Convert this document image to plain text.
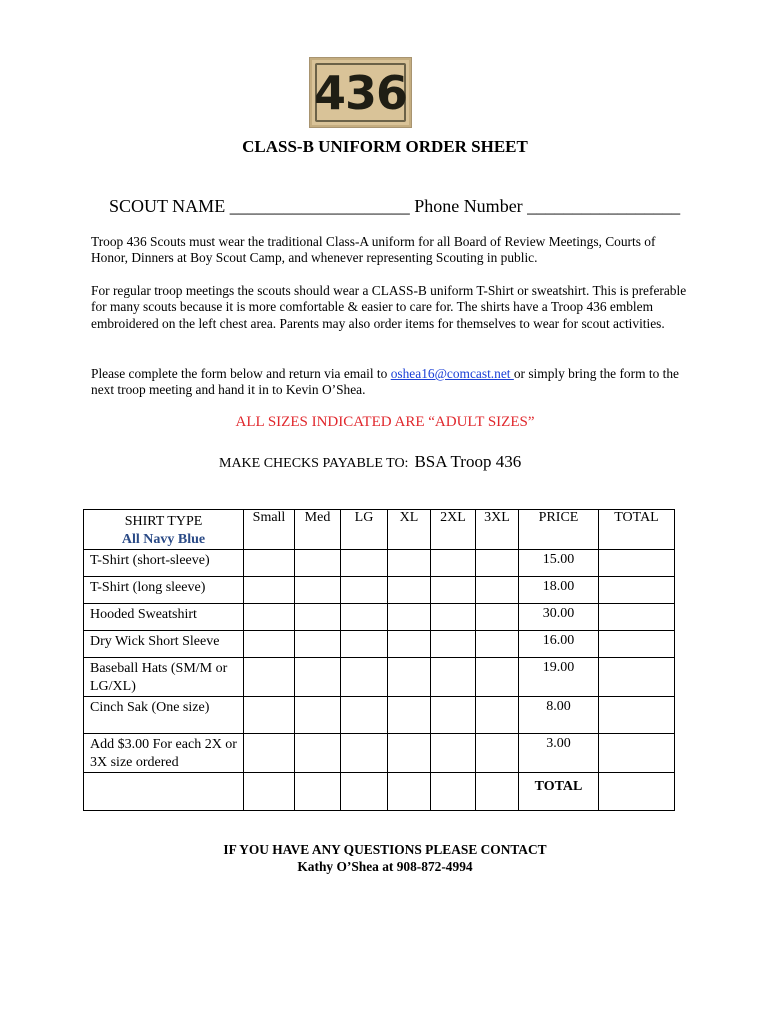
436
CLASS-B UNIFORM ORDER SHEET
SCOUT NAME ____________________ Phone Number _________________
Troop 436 Scouts must wear the traditional Class-A uniform for all Board of Review Meetings, Courts of Honor, Dinners at Boy Scout Camp, and whenever representing Scouting in public.
For regular troop meetings the scouts should wear a CLASS-B uniform T-Shirt or sweatshirt. This is preferable for many scouts because it is more comfortable & easier to care for. The shirts have a Troop 436 emblem embroidered on the left chest area. Parents may also order items for themselves to wear for scout activities.
Please complete the form below and return via email to oshea16@comcast.net or simply bring the form to the next troop meeting and hand it in to Kevin O’Shea.
ALL SIZES INDICATED ARE “ADULT SIZES”
MAKE CHECKS PAYABLE TO: BSA Troop 436
SHIRT TYPE
All Navy Blue	Small	Med	LG	XL	2XL	3XL	PRICE	TOTAL
T-Shirt (short-sleeve)							15.00	
T-Shirt (long sleeve)							18.00	
Hooded Sweatshirt							30.00	
Dry Wick Short Sleeve							16.00	
Baseball Hats (SM/M or LG/XL)							19.00	
Cinch Sak (One size)							8.00	
Add $3.00 For each 2X or 3X size ordered							3.00	
							TOTAL	
IF YOU HAVE ANY QUESTIONS PLEASE CONTACT
Kathy O’Shea at 908-872-4994
